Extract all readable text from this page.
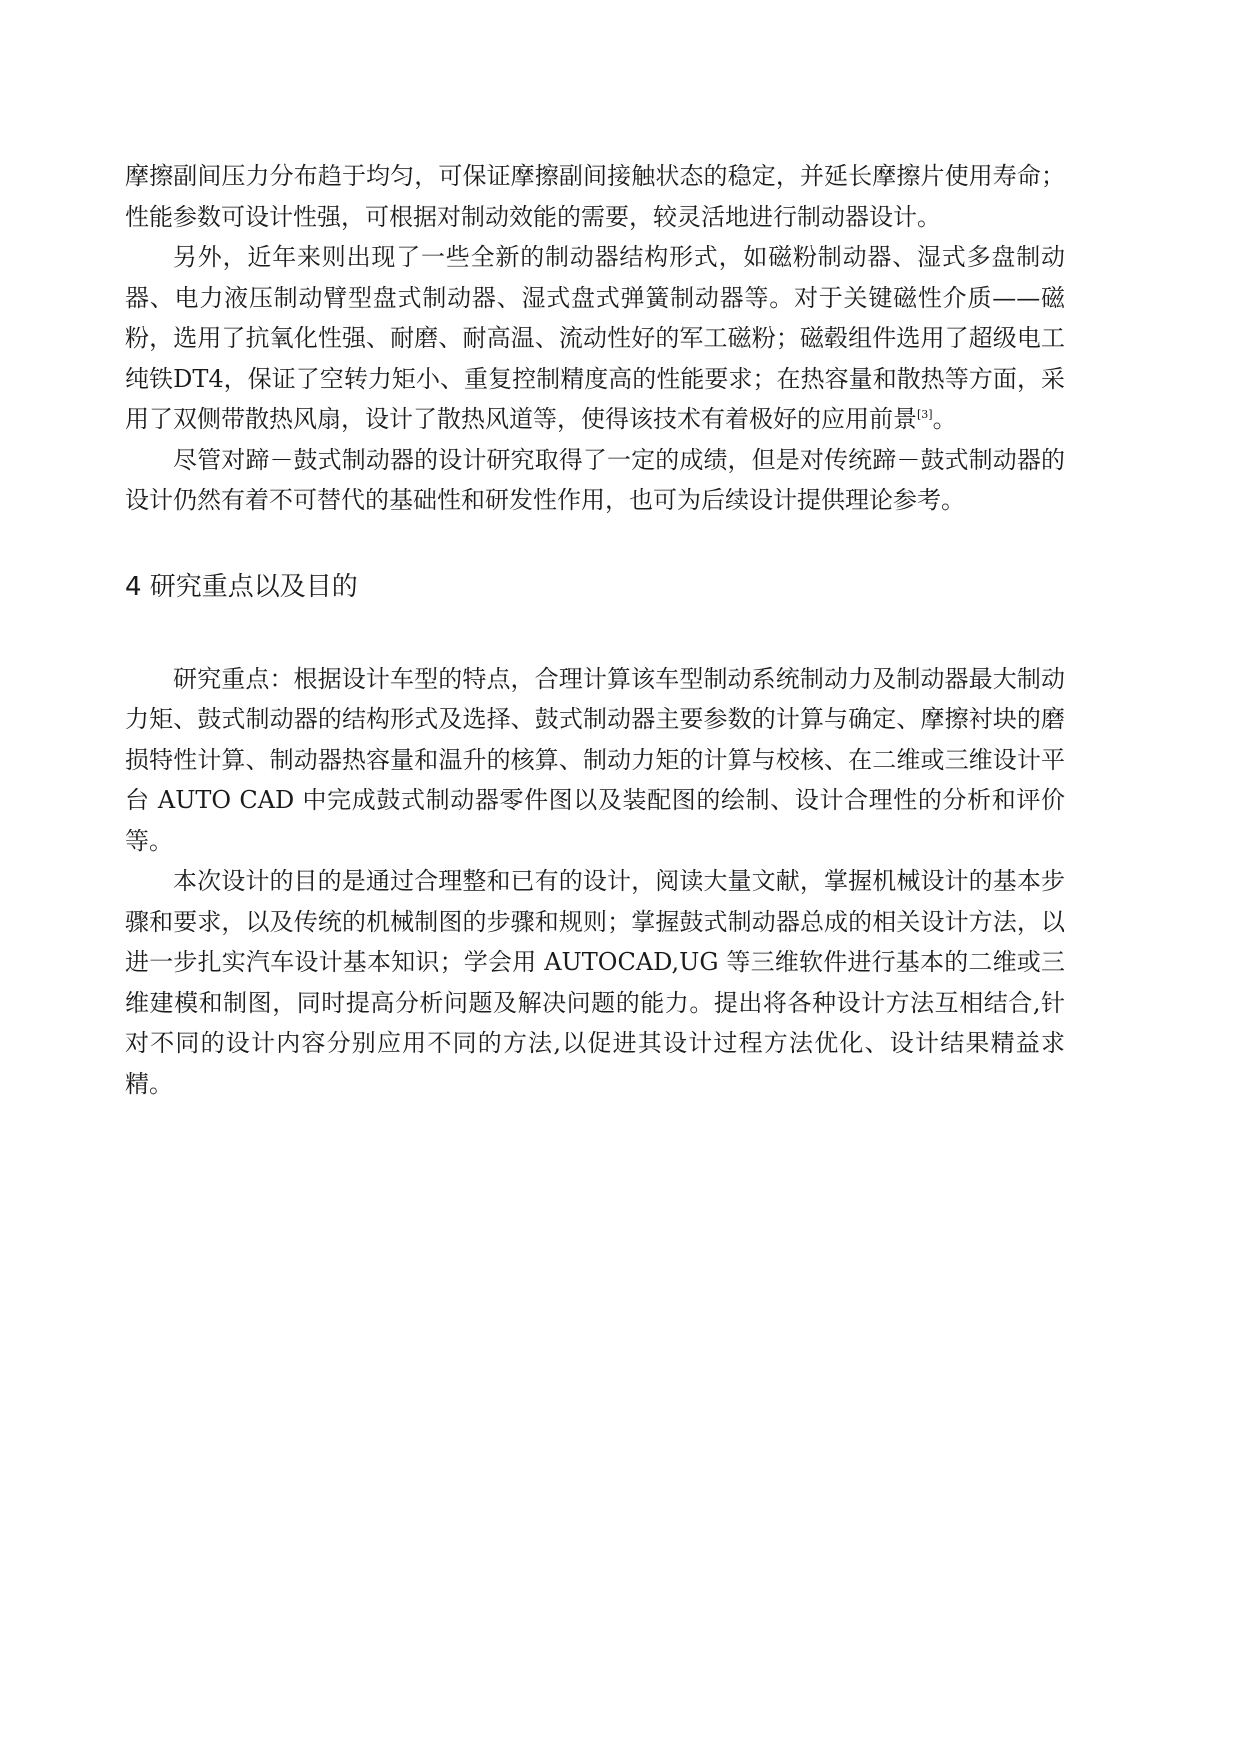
摩擦副间压力分布趋于均匀，可保证摩擦副间接触状态的稳定，并延长摩擦片使用寿命；性能参数可设计性强，可根据对制动效能的需要，较灵活地进行制动器设计。

另外，近年来则出现了一些全新的制动器结构形式，如磁粉制动器、湿式多盘制动器、电力液压制动臂型盘式制动器、湿式盘式弹簧制动器等。对于关键磁性介质——磁粉，选用了抗氧化性强、耐磨、耐高温、流动性好的军工磁粉；磁毂组件选用了超级电工纯铁DT4，保证了空转力矩小、重复控制精度高的性能要求；在热容量和散热等方面，采用了双侧带散热风扇，设计了散热风道等，使得该技术有着极好的应用前景[3]。

尽管对蹄－鼓式制动器的设计研究取得了一定的成绩，但是对传统蹄－鼓式制动器的设计仍然有着不可替代的基础性和研发性作用，也可为后续设计提供理论参考。

4 研究重点以及目的

研究重点：根据设计车型的特点，合理计算该车型制动系统制动力及制动器最大制动力矩、鼓式制动器的结构形式及选择、鼓式制动器主要参数的计算与确定、摩擦衬块的磨损特性计算、制动器热容量和温升的核算、制动力矩的计算与校核、在二维或三维设计平台 AUTO CAD 中完成鼓式制动器零件图以及装配图的绘制、设计合理性的分析和评价等。

本次设计的目的是通过合理整和已有的设计，阅读大量文献，掌握机械设计的基本步骤和要求，以及传统的机械制图的步骤和规则；掌握鼓式制动器总成的相关设计方法，以进一步扎实汽车设计基本知识；学会用 AUTOCAD,UG 等三维软件进行基本的二维或三维建模和制图，同时提高分析问题及解决问题的能力。提出将各种设计方法互相结合,针对不同的设计内容分别应用不同的方法,以促进其设计过程方法优化、设计结果精益求精。
